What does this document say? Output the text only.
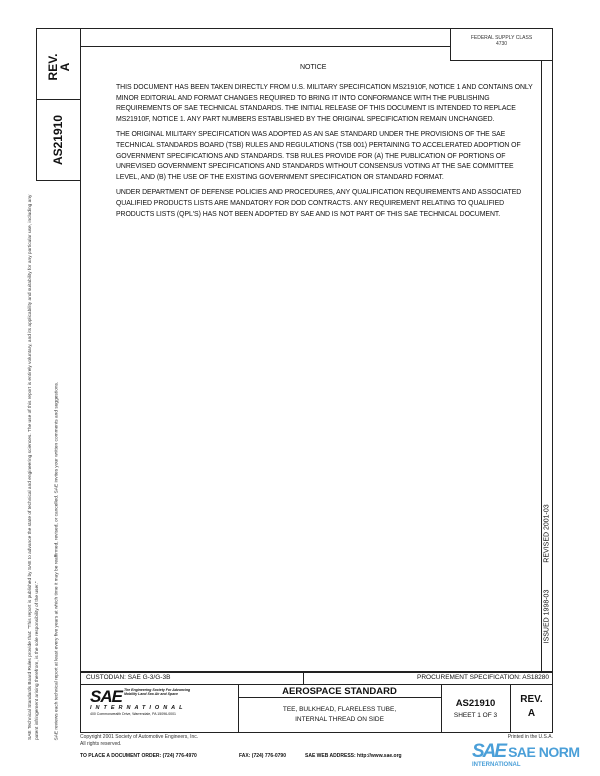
REV.
A
AS21910
SAE Technical Standards Board Rules provide that: "This report is published by SAE to advance the state of technical and engineering sciences. The use of this report is entirely voluntary, and its applicability and suitability for any particular use, including any patent infringement arising therefrom, is the sole responsibility of the user."	SAE reviews each technical report at least every five years at which time it may be reaffirmed, revised, or cancelled. SAE invites your written comments and suggestions.
FEDERAL SUPPLY CLASS
4730
NOTICE

THIS DOCUMENT HAS BEEN TAKEN DIRECTLY FROM U.S. MILITARY SPECIFICATION MS21910F, NOTICE 1 AND CONTAINS ONLY MINOR EDITORIAL AND FORMAT CHANGES REQUIRED TO BRING IT INTO CONFORMANCE WITH THE PUBLISHING REQUIREMENTS OF SAE TECHNICAL STANDARDS. THE INITIAL RELEASE OF THIS DOCUMENT IS INTENDED TO REPLACE MS21910F, NOTICE 1. ANY PART NUMBERS ESTABLISHED BY THE ORIGINAL SPECIFICATION REMAIN UNCHANGED.

THE ORIGINAL MILITARY SPECIFICATION WAS ADOPTED AS AN SAE STANDARD UNDER THE PROVISIONS OF THE SAE TECHNICAL STANDARDS BOARD (TSB) RULES AND REGULATIONS (TSB 001) PERTAINING TO ACCELERATED ADOPTION OF GOVERNMENT SPECIFICATIONS AND STANDARDS. TSB RULES PROVIDE FOR (A) THE PUBLICATION OF PORTIONS OF UNREVISED GOVERNMENT SPECIFICATIONS AND STANDARDS WITHOUT CONSENSUS VOTING AT THE SAE COMMITTEE LEVEL, AND (B) THE USE OF THE EXISTING GOVERNMENT SPECIFICATION OR STANDARD FORMAT.

UNDER DEPARTMENT OF DEFENSE POLICIES AND PROCEDURES, ANY QUALIFICATION REQUIREMENTS AND ASSOCIATED QUALIFIED PRODUCTS LISTS ARE MANDATORY FOR DOD CONTRACTS. ANY REQUIREMENT RELATING TO QUALIFIED PRODUCTS LISTS (QPL'S) HAS NOT BEEN ADOPTED BY SAE AND IS NOT PART OF THIS SAE TECHNICAL DOCUMENT.

ISSUED 1998-03
REVISED 2001-03
CUSTODIAN: SAE G-3/G-3B	PROCUREMENT SPECIFICATION: AS18280
SAE The Engineering Society For Advancing Mobility Land Sea Air and Space
INTERNATIONAL
400 Commonwealth Drive, Warrendale, PA 15096-0001
AEROSPACE STANDARD
TEE, BULKHEAD, FLARELESS TUBE,
INTERNAL THREAD ON SIDE
AS21910
SHEET 1 OF 3
REV.
A
Copyright 2001 Society of Automotive Engineers, Inc.
All rights reserved.
Printed in the U.S.A.
TO PLACE A DOCUMENT ORDER: (724) 776-4970	FAX: (724) 776-0790	SAE WEB ADDRESS: http://www.sae.org	SAE SAE NORM
INTERNATIONAL
